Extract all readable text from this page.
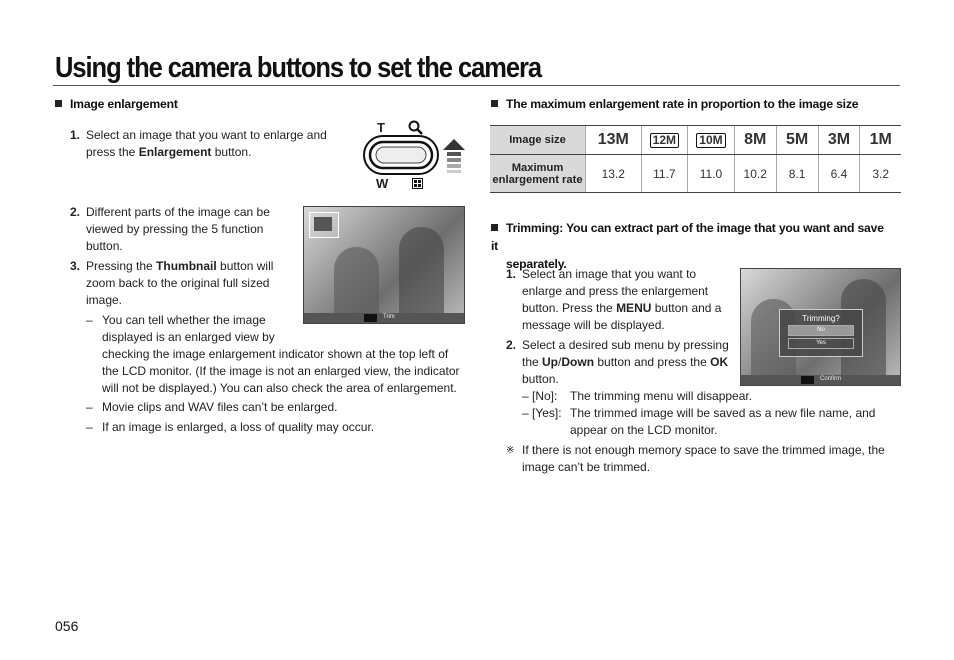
Using the camera buttons to set the camera
Image enlargement
1. Select an image that you want to enlarge and press the Enlargement button.
T
W
2. Different parts of the image can be viewed by pressing the 5 function button.
3. Pressing the Thumbnail button will zoom back to the original full sized image.
Trim
– You can tell whether the image displayed is an enlarged view by
checking the image enlargement indicator shown at the top left of the LCD monitor. (If the image is not an enlarged view, the indicator will not be displayed.) You can also check the area of enlargement.
– Movie clips and WAV files can’t be enlarged.
– If an image is enlarged, a loss of quality may occur.
The maximum enlargement rate in proportion to the image size
Image size	13M	12M	10M	8M	5M	3M	1M
Maximum
enlargement rate	13.2	11.7	11.0	10.2	8.1	6.4	3.2
Trimming: You can extract part of the image that you want and save it
separately.
1. Select an image that you want to enlarge and press the enlargement button. Press the MENU button and a message will be displayed.	Trimming?
No
Yes
Confirm
2. Select a desired sub menu by pressing the Up/Down button and press the OK button.
– [No]: The trimming menu will disappear.
– [Yes]: The trimmed image will be saved as a new file name, and appear on the LCD monitor.
※ If there is not enough memory space to save the trimmed image, the image can’t be trimmed.
056
